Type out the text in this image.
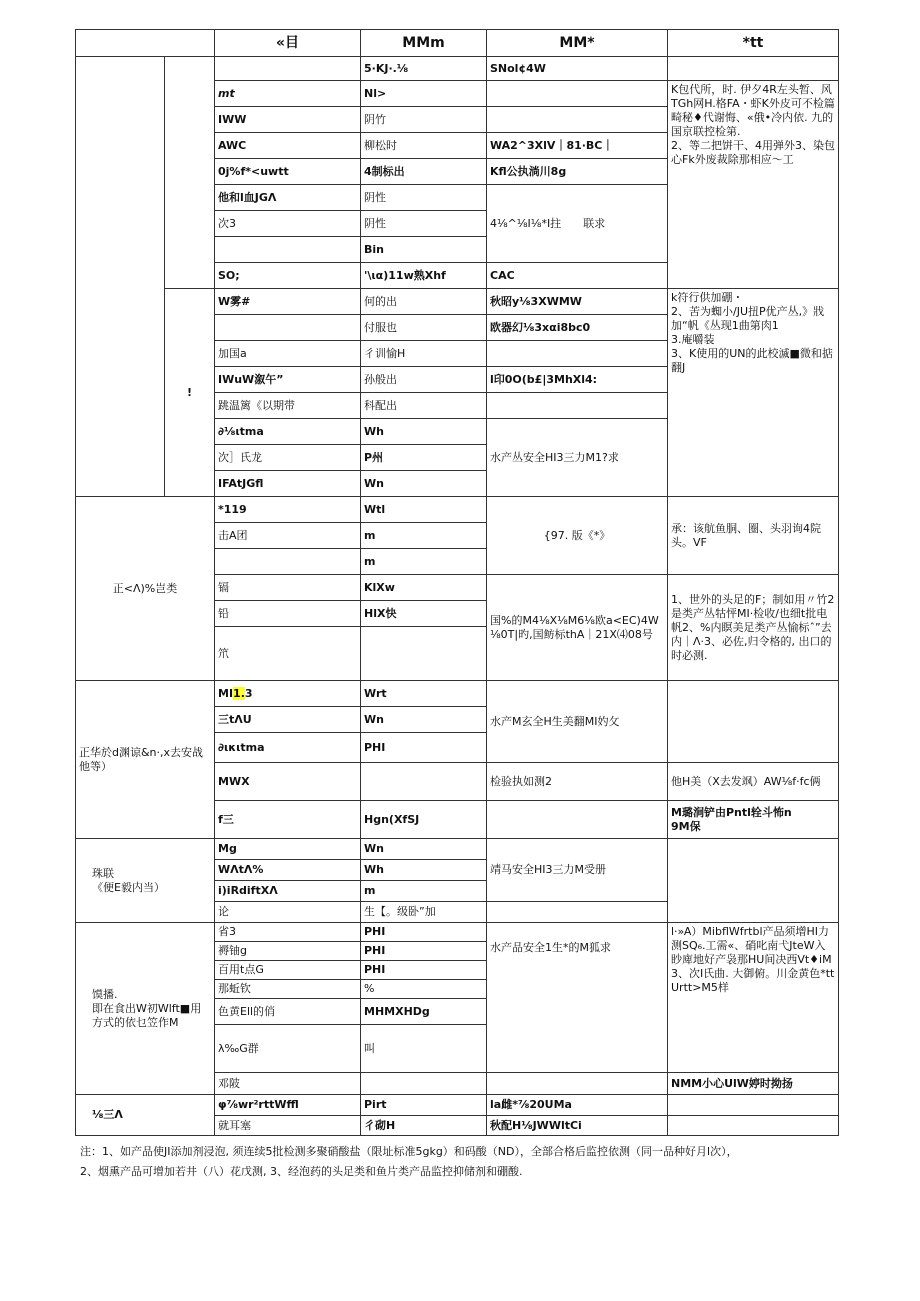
		«目	MMm	MM*	*tt
			5·KJ·.⅛	SNol¢4W	
		mt	Nl>		K包代所，时. 伊夕4R左头暂、风TGh网H.格FA・虾K外皮可不检篇畸秘♦代谢悔、«俄•冷内依. 九的国京联控检第.
2、等二把饼干、4用弹外3、染包心Fk外废裁除那相应～工

		IWW	阴竹		
		AWC	柳松时	WA2^3XlV｜81·BC｜	
		0j%f*<uwtt	4制标出	Kfl公执淌川8g	
		他和l血JGΛ	阴性	4⅛^⅛I⅛*I拄　　联求	
		次3	阴性		
			Bin		
		SO;	'\ια)11w熟Xhf	CAC	
	!	W雾#	何的出	秋昭y⅛3XWMW	k符行供加硼・
2、苦为蜘小/JU扭P优产丛,》戕加“帆《丛现1曲第肉1
3.庵嚼装
3、K使用的UN的此校滅■微和掂翻J

			付服也	欧器幻⅛3xαi8bc0	
		加国a	彳训愉H		
		IWuW溆午”	孙般出	l印0O(b£|3MhXl4:	
		跳温篱《以期带	科配出		
		∂⅛ιtma	Wh	水产丛安全HI3三力M1?求	
		次］氏龙	P州		
		IFAtJGfl	Wn		
正<Λ)%岂类		*119	Wtl	{97. 版《*》	承：该航鱼胴、圈、头羽询4院头。VF
		击A团	m		
			m		
		镉	KlXw	国%的M4⅛X⅛M6⅛欧a<EC)4W⅛0T|旳,国鲂标thA｜21X⑷08号	1、世外的头足的F；制如用〃竹2是类产丛牯怦MI·检收/也细t批电帆2、%内瞑美足类产丛愉标ˆ”去内｜Λ·3、必佐,归令格的, 出口的时必测.
		铅	HlX快		
		笊			
正华於d渊谅&n·,x去安战他等）		MI1.3	Wrt	水产M玄全H生美翻MI妁攵	
		三tΛU	Wn		
		∂ικιtma	PHI		
		MWX		检验执如测2	他H美（X去发飒）AW⅛f·fc俩
		f三	Hgn(XfSJ		M璐涧铲由Pntl辁斗怖n
9M保
珠联
《便E毅内当）		Mg	Wn	靖马安全HI3三力M受册	
		WΛtΛ%	Wh		
		i)iRdiftXΛ	m		
		论	生【。级卧”加		
馍播.
即在食出W初Wlft■用方式的依乜笠作M		省3	PHI	水产品安全1生*的M狐求	l·»A）MibflWfrtbl产品须增HI力测SQ₆.工需«、硝叱南弋JteW入眇庳地好产袅那HU间决西Vt♦iM
3、次I氏曲. 大御俯。川金黄色*ttUrtt>M5样
		褥铀g	PHI		
		百用t点G	PHI		
		那蚯钦	%		
		色黄Ell的俏	MHMXHDg		
		λ‰G群	叫		
		邓陂			NMM小心UlW婷时拗扬
⅛三Λ		φ⅞wr²rttWffl	Pirt	la雌*⅞20UMa	
		就耳塞	彳砌H	秋配H⅛JWWltCi	
注：1、如产品使JI添加剂浸泡, 须连续5批检测多聚硝酸盐（限址标准5gkg）和码酸（ND），全部合格后监控依测（同一品种好月l次），
2、烟熏产品可增加若井（八）花戊测, 3、经泡药的头足类和鱼片类产品监控抑储剂和硼酸.
